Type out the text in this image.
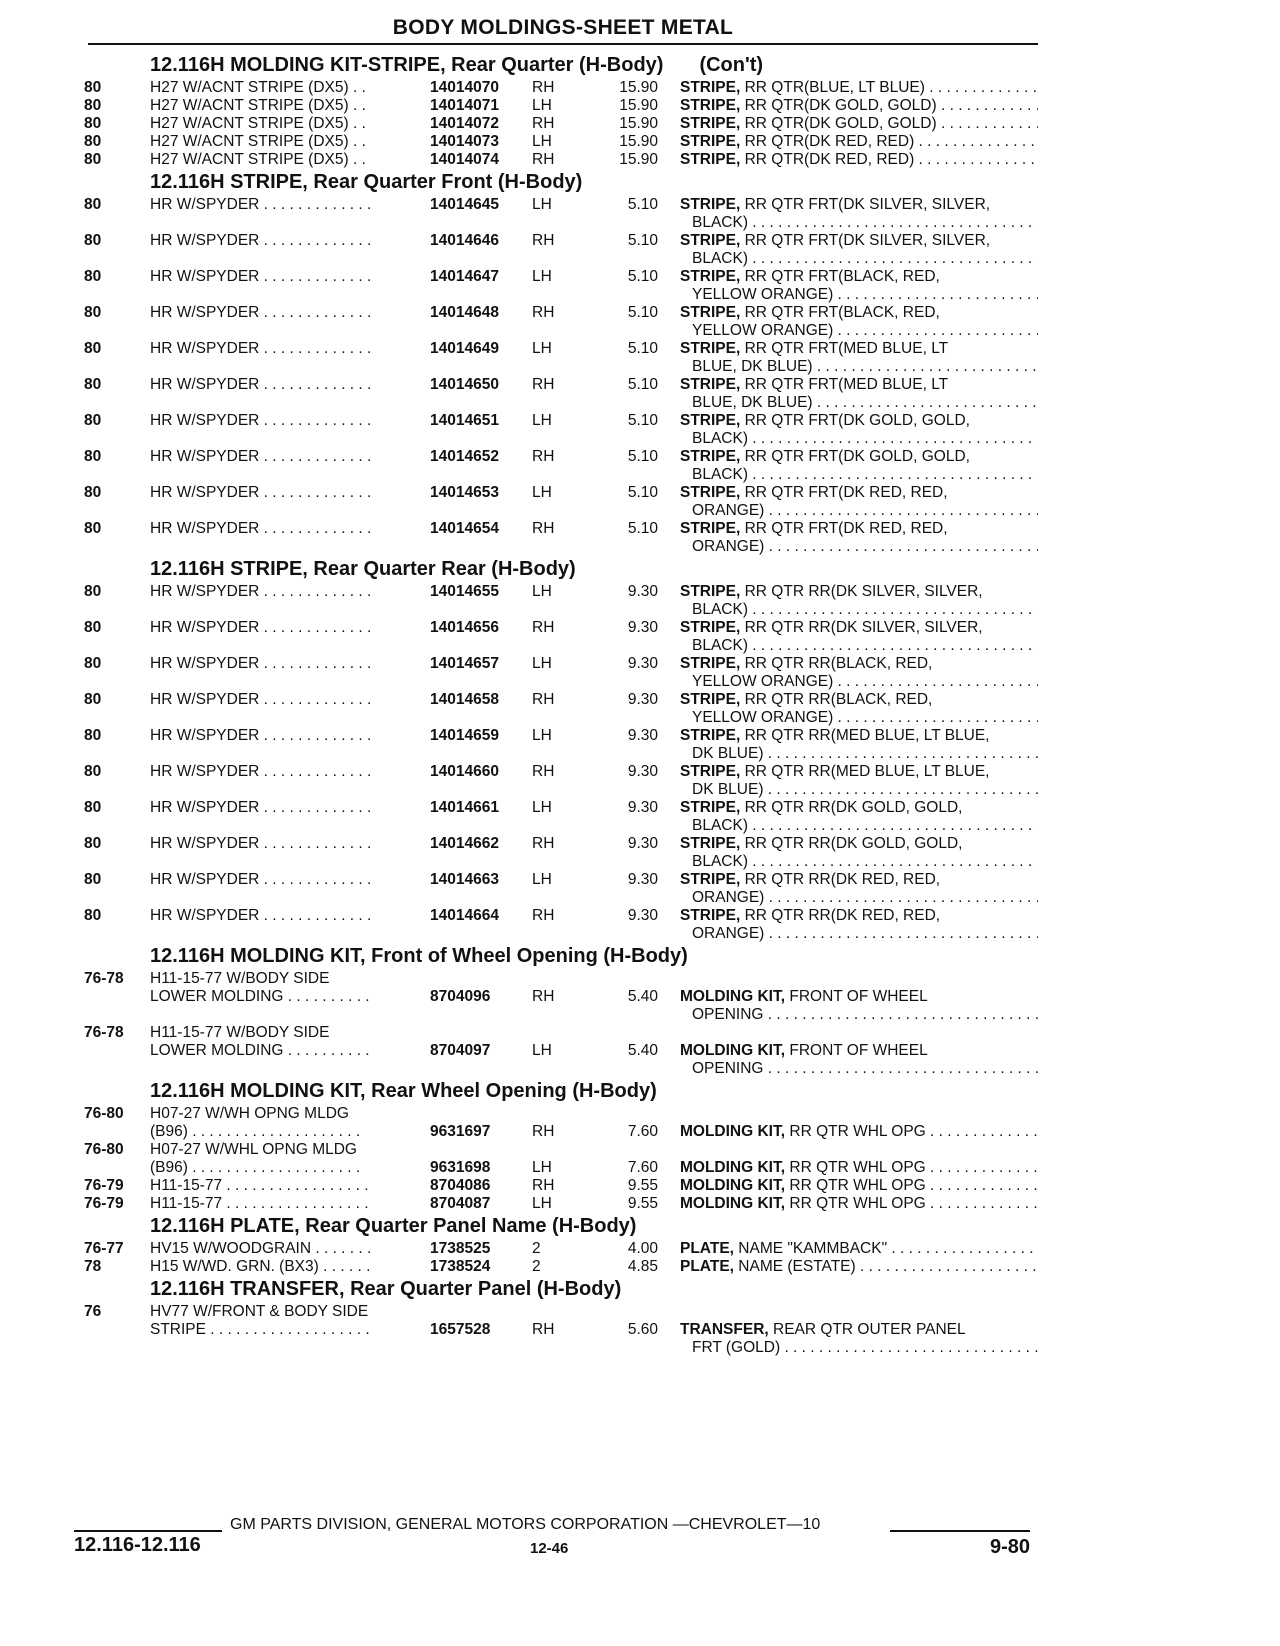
BODY MOLDINGS-SHEET METAL
12.116H MOLDING KIT-STRIPE, Rear Quarter (H-Body) (Con't)
80	H27 W/ACNT STRIPE (DX5) . .	14014070 RH	15.90 STRIPE, RR QTR(BLUE, LT BLUE) . . .
80	H27 W/ACNT STRIPE (DX5) . .	14014071 LH	15.90 STRIPE, RR QTR(DK GOLD, GOLD) . . .
80	H27 W/ACNT STRIPE (DX5) . .	14014072 RH	15.90 STRIPE, RR QTR(DK GOLD, GOLD) . . .
80	H27 W/ACNT STRIPE (DX5) . .	14014073 LH	15.90 STRIPE, RR QTR(DK RED, RED) . . .
80	H27 W/ACNT STRIPE (DX5) . .	14014074 RH	15.90 STRIPE, RR QTR(DK RED, RED) . . .
12.116H STRIPE, Rear Quarter Front (H-Body)
80	HR W/SPYDER . . . . . . . . . . . . .	14014645 LH	5.10 STRIPE, RR QTR FRT(DK SILVER, SILVER,
BLACK) . . .
80	HR W/SPYDER . . . . . . . . . . . . .	14014646 RH	5.10 STRIPE, RR QTR FRT(DK SILVER, SILVER,
BLACK) . . .
80	HR W/SPYDER . . . . . . . . . . . . .	14014647 LH	5.10 STRIPE, RR QTR FRT(BLACK, RED,
YELLOW ORANGE) . . .
80	HR W/SPYDER . . . . . . . . . . . . .	14014648 RH	5.10 STRIPE, RR QTR FRT(BLACK, RED,
YELLOW ORANGE) . . .
80	HR W/SPYDER . . . . . . . . . . . . .	14014649 LH	5.10 STRIPE, RR QTR FRT(MED BLUE, LT
BLUE, DK BLUE) . . .
80	HR W/SPYDER . . . . . . . . . . . . .	14014650 RH	5.10 STRIPE, RR QTR FRT(MED BLUE, LT
BLUE, DK BLUE) . . .
80	HR W/SPYDER . . . . . . . . . . . . .	14014651 LH	5.10 STRIPE, RR QTR FRT(DK GOLD, GOLD,
BLACK) . . .
80	HR W/SPYDER . . . . . . . . . . . . .	14014652 RH	5.10 STRIPE, RR QTR FRT(DK GOLD, GOLD,
BLACK) . . .
80	HR W/SPYDER . . . . . . . . . . . . .	14014653 LH	5.10 STRIPE, RR QTR FRT(DK RED, RED,
ORANGE) . . .
80	HR W/SPYDER . . . . . . . . . . . . .	14014654 RH	5.10 STRIPE, RR QTR FRT(DK RED, RED,
ORANGE) . . .
12.116H STRIPE, Rear Quarter Rear (H-Body)
80	HR W/SPYDER . . . . . . . . . . . . .	14014655 LH	9.30 STRIPE, RR QTR RR(DK SILVER, SILVER,
BLACK) . . .
80	HR W/SPYDER . . . . . . . . . . . . .	14014656 RH	9.30 STRIPE, RR QTR RR(DK SILVER, SILVER,
BLACK) . . .
80	HR W/SPYDER . . . . . . . . . . . . .	14014657 LH	9.30 STRIPE, RR QTR RR(BLACK, RED,
YELLOW ORANGE) . . .
80	HR W/SPYDER . . . . . . . . . . . . .	14014658 RH	9.30 STRIPE, RR QTR RR(BLACK, RED,
YELLOW ORANGE) . . .
80	HR W/SPYDER . . . . . . . . . . . . .	14014659 LH	9.30 STRIPE, RR QTR RR(MED BLUE, LT BLUE,
DK BLUE) . . .
80	HR W/SPYDER . . . . . . . . . . . . .	14014660 RH	9.30 STRIPE, RR QTR RR(MED BLUE, LT BLUE,
DK BLUE) . . .
80	HR W/SPYDER . . . . . . . . . . . . .	14014661 LH	9.30 STRIPE, RR QTR RR(DK GOLD, GOLD,
BLACK) . . .
80	HR W/SPYDER . . . . . . . . . . . . .	14014662 RH	9.30 STRIPE, RR QTR RR(DK GOLD, GOLD,
BLACK) . . .
80	HR W/SPYDER . . . . . . . . . . . . .	14014663 LH	9.30 STRIPE, RR QTR RR(DK RED, RED,
ORANGE) . . .
80	HR W/SPYDER . . . . . . . . . . . . .	14014664 RH	9.30 STRIPE, RR QTR RR(DK RED, RED,
ORANGE) . . .
12.116H MOLDING KIT, Front of Wheel Opening (H-Body)
76-78 H11-15-77 W/BODY SIDE
LOWER MOLDING . . . . . . . . . .	8704096	RH	5.40 MOLDING KIT, FRONT OF WHEEL
OPENING . . .
76-78 H11-15-77 W/BODY SIDE
LOWER MOLDING . . . . . . . . . .	8704097	LH	5.40 MOLDING KIT, FRONT OF WHEEL
OPENING . . .
12.116H MOLDING KIT, Rear Wheel Opening (H-Body)
76-80 H07-27 W/WH OPNG MLDG
(B96) . . . . . . . . . . . . . . . . . . . .	9631697	RH	7.60 MOLDING KIT, RR QTR WHL OPG . . .
76-80 H07-27 W/WHL OPNG MLDG
(B96) . . . . . . . . . . . . . . . . . . . .	9631698	LH	7.60 MOLDING KIT, RR QTR WHL OPG . . .
76-79 H11-15-77 . . . . . . . . . . . . . . . . .	8704086	RH	9.55 MOLDING KIT, RR QTR WHL OPG . . .
76-79 H11-15-77 . . . . . . . . . . . . . . . . .	8704087	LH	9.55 MOLDING KIT, RR QTR WHL OPG . . .
12.116H PLATE, Rear Quarter Panel Name (H-Body)
76-77 HV15 W/WOODGRAIN . . . . . . .	1738525	2	4.00 PLATE, NAME "KAMMBACK" . . .
78	H15 W/WD. GRN. (BX3) . . . . . .	1738524	2	4.85 PLATE, NAME (ESTATE) . . .
12.116H TRANSFER, Rear Quarter Panel (H-Body)
76	HV77 W/FRONT & BODY SIDE
STRIPE . . . . . . . . . . . . . . . . . . .	1657528	RH	5.60 TRANSFER, REAR QTR OUTER PANEL
FRT (GOLD) . . .
GM PARTS DIVISION, GENERAL MOTORS CORPORATION —CHEVROLET—10
12.116-12.116	12-46	9-80
